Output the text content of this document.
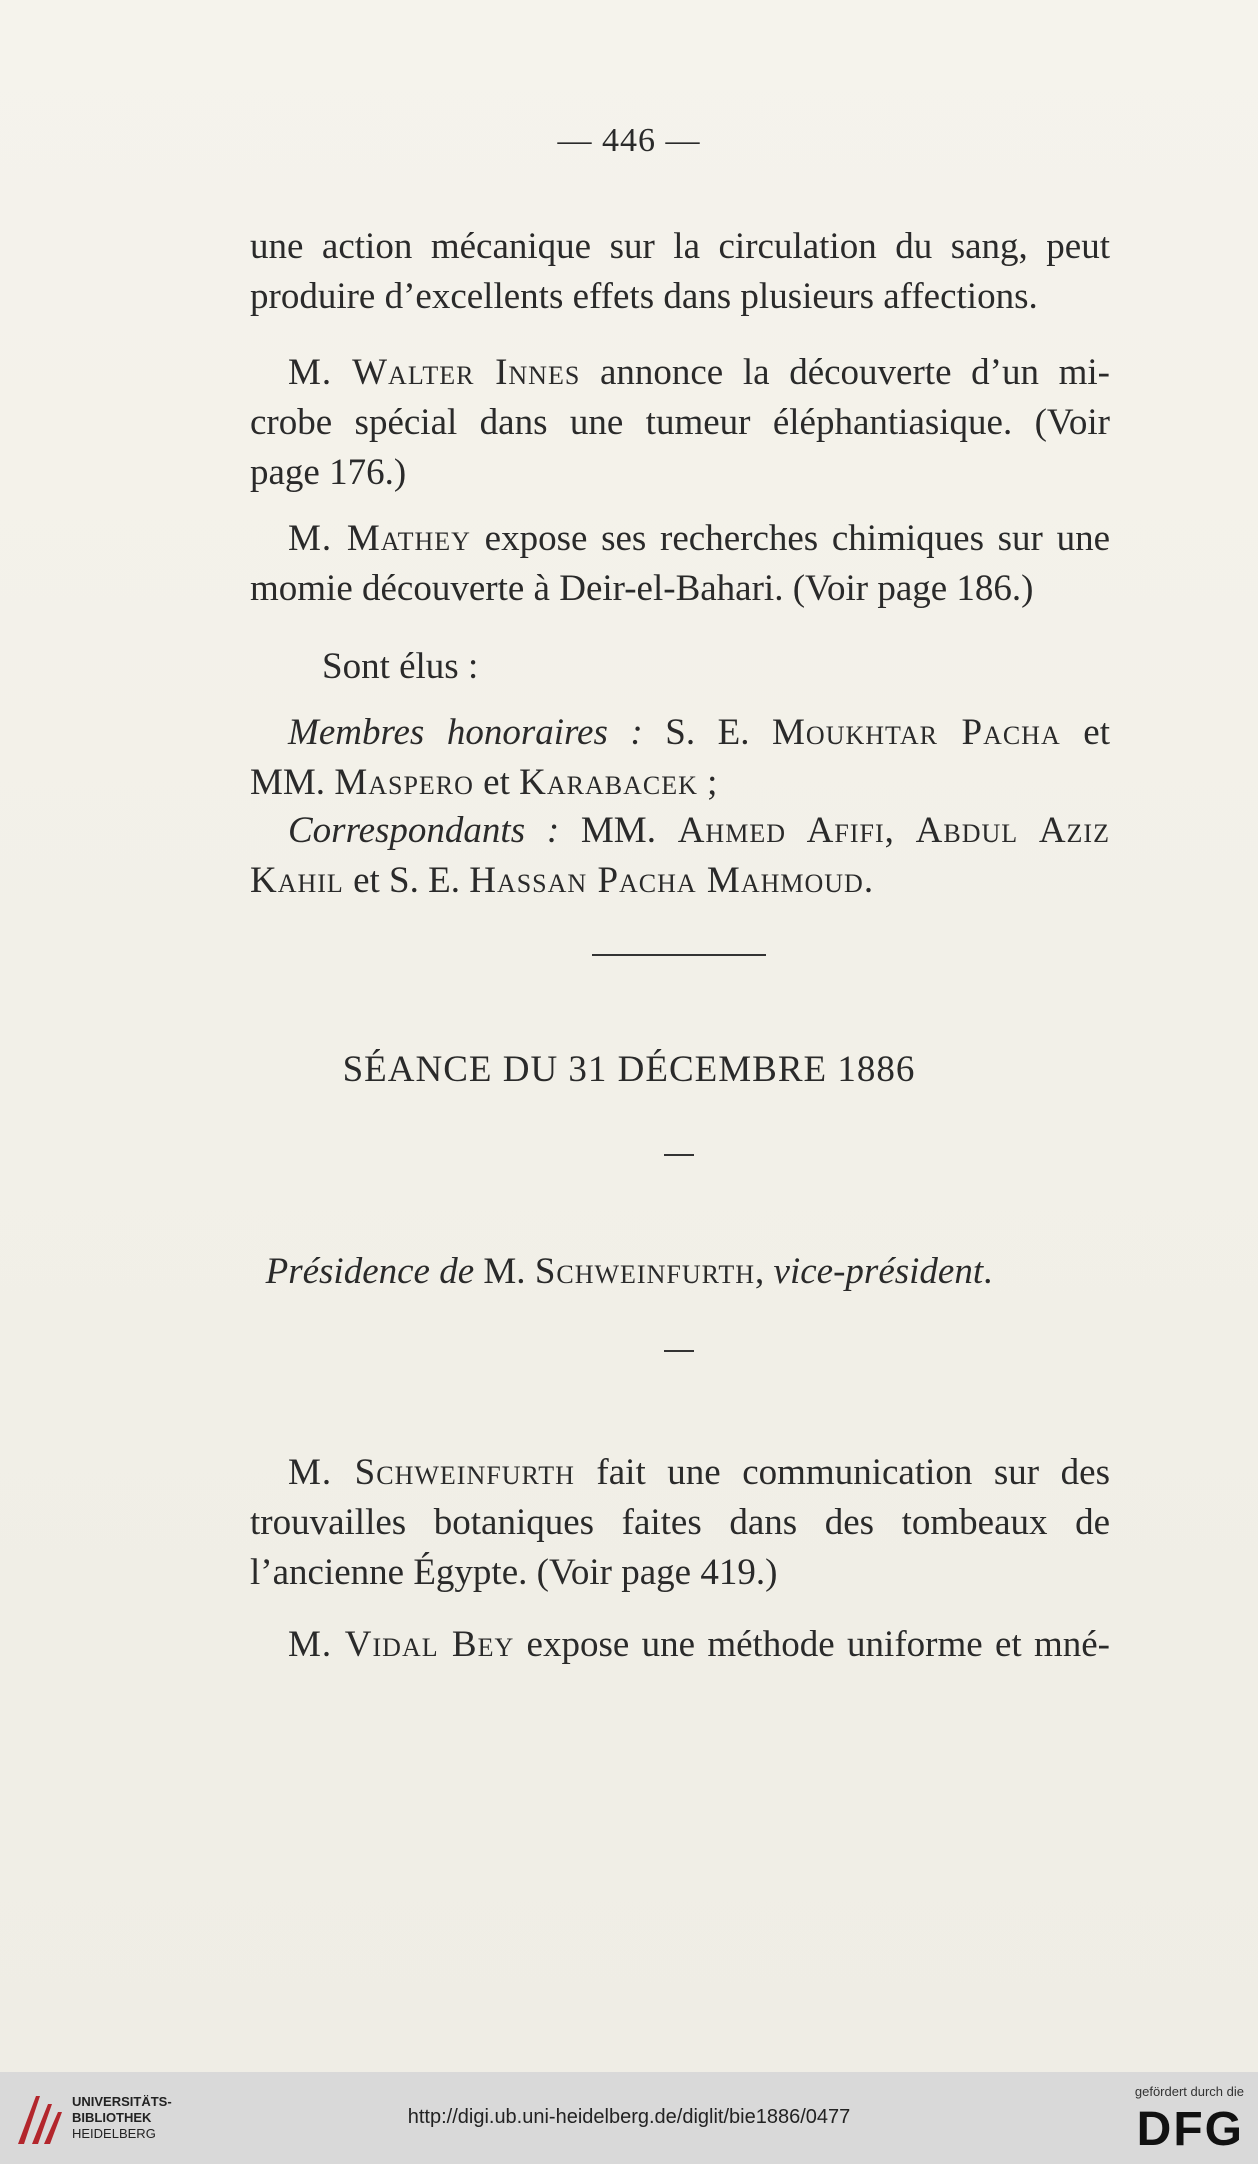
— 446 —
une action mécanique sur la circulation du sang, peut
produire d’excellents effets dans plusieurs affections.
M. Walter Innes annonce la découverte d’un mi-
crobe spécial dans une tumeur éléphantiasique. (Voir
page 176.)
M. Mathey expose ses recherches chimiques sur une
momie découverte à Deir-el-Bahari. (Voir page 186.)
Sont élus :
Membres honoraires : S. E. Moukhtar Pacha et
MM. Maspero et Karabacek ;
Correspondants : MM. Ahmed Afifi, Abdul Aziz
Kahil et S. E. Hassan Pacha Mahmoud.
SÉANCE DU 31 DÉCEMBRE 1886
Présidence de M. Schweinfurth, vice-président.
M. Schweinfurth fait une communication sur des
trouvailles botaniques faites dans des tombeaux de
l’ancienne Égypte. (Voir page 419.)
M. Vidal Bey expose une méthode uniforme et mné-
UNIVERSITÄTS-
BIBLIOTHEK
HEIDELBERG
http://digi.ub.uni-heidelberg.de/diglit/bie1886/0477
gefördert durch die
DFG
